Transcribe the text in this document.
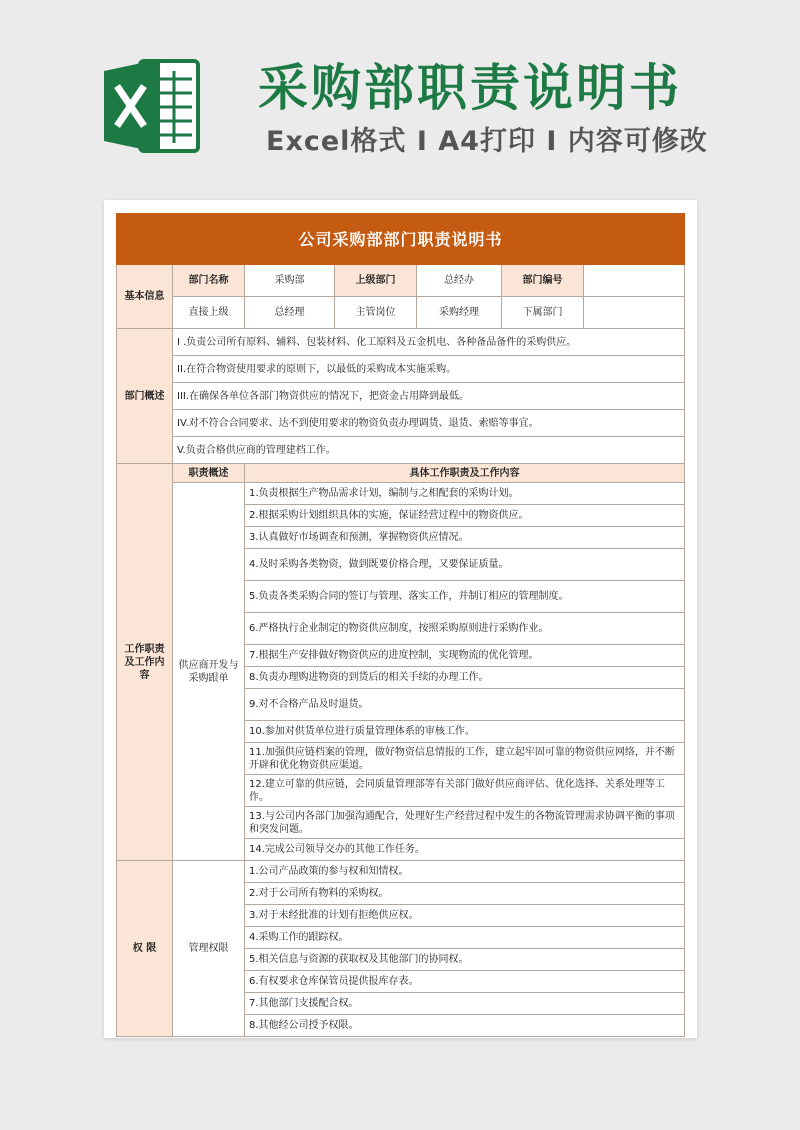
采购部职责说明书
Excel格式 I A4打印 I 内容可修改
公司采购部部门职责说明书						
基本信息	部门名称	采购部	上级部门	总经办	部门编号	
	直接上级	总经理	主管岗位	采购经理	下属部门	
部门概述	I .负责公司所有原料、辅料、包装材料、化工原料及五金机电、各种备品备件的采购供应。					
	II.在符合物资使用要求的原则下，以最低的采购成本实施采购。					
	III.在确保各单位各部门物资供应的情况下，把资金占用降到最低。					
	IV.对不符合合同要求、达不到使用要求的物资负责办理调货、退货、索赔等事宜。					
	V.负责合格供应商的管理建档工作。					
工作职责及工作内容	职责概述	具体工作职责及工作内容				
	供应商开发与采购跟单	1.负责根据生产物品需求计划，编制与之相配套的采购计划。				
		2.根据采购计划组织具体的实施，保证经营过程中的物资供应。				
		3.认真做好市场调查和预测，掌握物资供应情况。				
		4.及时采购各类物资，做到既要价格合理，又要保证质量。				
		5.负责各类采购合同的签订与管理、落实工作，并制订相应的管理制度。				
		6.严格执行企业制定的物资供应制度，按照采购原则进行采购作业。				
		7.根据生产安排做好物资供应的进度控制，实现物流的优化管理。				
		8.负责办理购进物资的到货后的相关手续的办理工作。				
		9.对不合格产品及时退货。				
		10.参加对供货单位进行质量管理体系的审核工作。				
		11.加强供应链档案的管理，做好物资信息情报的工作，建立起牢固可靠的物资供应网络，并不断开辟和优化物资供应渠道。				
		12.建立可靠的供应链，会同质量管理部等有关部门做好供应商评估、优化选择、关系处理等工作。				
		13.与公司内各部门加强沟通配合，处理好生产经营过程中发生的各物流管理需求协调平衡的事项和突发问题。				
		14.完成公司领导交办的其他工作任务。				
权 限	管理权限	1.公司产品政策的参与权和知情权。				
		2.对于公司所有物料的采购权。				
		3.对于未经批准的计划有拒绝供应权。				
		4.采购工作的跟踪权。				
		5.相关信息与资源的获取权及其他部门的协同权。				
		6.有权要求仓库保管员提供报库存表。				
		7.其他部门支援配合权。				
		8.其他经公司授予权限。				
